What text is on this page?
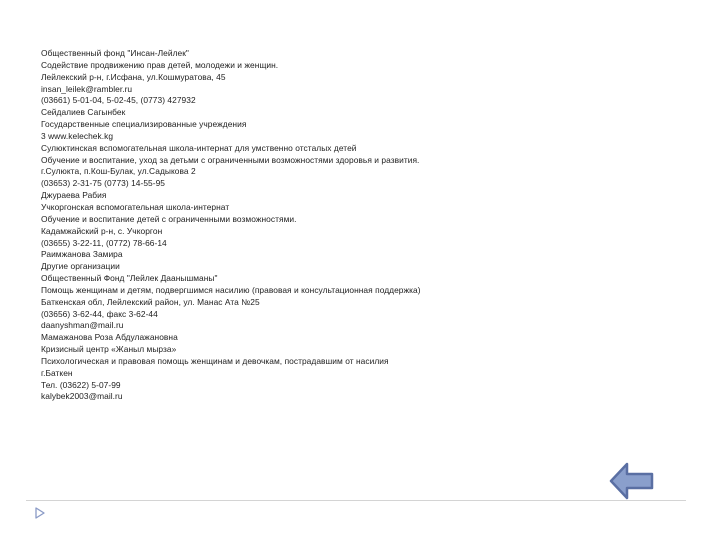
Общественный фонд "Инсан-Лейлек"
Содействие продвижению прав детей, молодежи и женщин.
Лейлекский р-н, г.Исфана, ул.Кошмуратова, 45
insan_leilek@rambler.ru
(03661) 5-01-04, 5-02-45, (0773) 427932
Сейдалиев Сагынбек
Государственные специализированные учреждения
3 www.kelechek.kg
Сулюктинская вспомогательная школа-интернат для умственно отсталых детей
Обучение и воспитание, уход за детьми с ограниченными возможностями здоровья и развития.
г.Сулюкта, п.Кош-Булак, ул.Садыкова 2
(03653) 2-31-75 (0773) 14-55-95
Джураева Рабия
Учкоргонская вспомогательная школа-интернат
Обучение и воспитание детей с ограниченными возможностями.
Кадамжайский р-н, с. Учкоргон
(03655) 3-22-11, (0772) 78-66-14
Раимжанова Замира
Другие организации
Общественный Фонд "Лейлек Даанышманы"
Помощь женщинам и детям, подвергшимся насилию (правовая и консультационная поддержка)
Баткенская обл, Лейлекский район, ул. Манас Ата №25
(03656) 3-62-44, факс 3-62-44
daanyshman@mail.ru
Мамажанова Роза Абдулажановна
Кризисный центр «Жаныл мырза»
Психологическая и правовая помощь женщинам и девочкам, пострадавшим от насилия
г.Баткен
Тел. (03622) 5-07-99
kalybek2003@mail.ru
